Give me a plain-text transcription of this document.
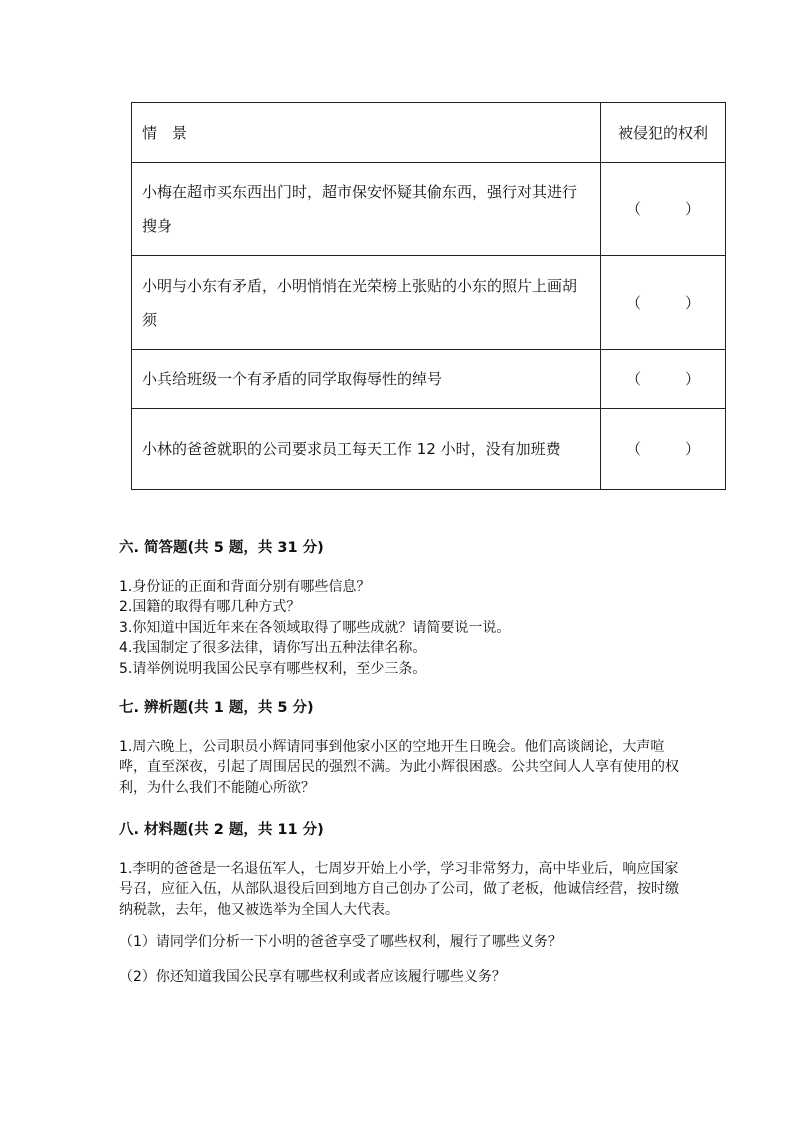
情　景	被侵犯的权利
小梅在超市买东西出门时，超市保安怀疑其偷东西，强行对其进行搜身	（ ）

小明与小东有矛盾，小明悄悄在光荣榜上张贴的小东的照片上画胡须	（ ）

小兵给班级一个有矛盾的同学取侮辱性的绰号	（ ）

小林的爸爸就职的公司要求员工每天工作 12 小时，没有加班费	（ ）

六. 简答题(共 5 题，共 31 分)
1.身份证的正面和背面分别有哪些信息？
2.国籍的取得有哪几种方式？
3.你知道中国近年来在各领域取得了哪些成就？请简要说一说。
4.我国制定了很多法律，请你写出五种法律名称。
5.请举例说明我国公民享有哪些权利，至少三条。
七. 辨析题(共 1 题，共 5 分)
1.周六晚上，公司职员小辉请同事到他家小区的空地开生日晚会。他们高谈阔论，大声喧哗，直至深夜，引起了周围居民的强烈不满。为此小辉很困惑。公共空间人人享有使用的权利，为什么我们不能随心所欲？
八. 材料题(共 2 题，共 11 分)
1.李明的爸爸是一名退伍军人，七周岁开始上小学，学习非常努力，高中毕业后，响应国家号召，应征入伍，从部队退役后回到地方自己创办了公司，做了老板，他诚信经营，按时缴纳税款，去年，他又被选举为全国人大代表。
（1）请同学们分析一下小明的爸爸享受了哪些权利，履行了哪些义务？
（2）你还知道我国公民享有哪些权利或者应该履行哪些义务？
